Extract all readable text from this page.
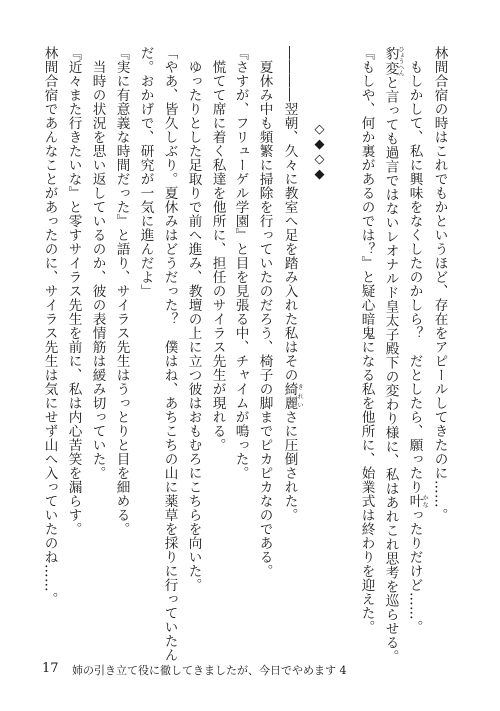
◇◆◇◆
17 姉の引き立て役に徹してきましたが、今日でやめます 4
林間合宿の時はこれでもかというほど、存在をアピールしてきたのに……。
もしかして、私に興味をなくしたのかしら？　だとしたら、願ったり叶かなったりだけど……。
豹変ひょうへんと言っても過言ではないレオナルド皇太子殿下の変わり様に、私はあれこれ思考を巡らせる。
『もしや、何か裏があるのでは？』と疑心暗鬼になる私を他所に、始業式は終わりを迎えた。
――――翌朝、久々に教室へ足を踏み入れた私はその綺麗きれいさに圧倒された。
夏休み中も頻繁に掃除を行っていたのだろう、椅子の脚までピカピカなのである。
『さすが、フリューゲル学園』と目を見張る中、チャイムが鳴った。
慌てて席に着く私達を他所に、担任のサイラス先生が現れる。
ゆったりとした足取りで前へ進み、教壇の上に立つ彼はおもむろにこちらを向いた。
「やあ、皆久しぶり。夏休みはどうだった？　僕はね、あちこちの山に薬草を採りに行っていたん
だ。おかげで、研究が一気に進んだよ」
『実に有意義な時間だった』と語り、サイラス先生はうっとりと目を細める。
当時の状況を思い返しているのか、彼の表情筋は緩み切っていた。
『近々また行きたいな』と零すサイラス先生を前に、私は内心苦笑を漏らす。
林間合宿であんなことがあったのに、サイラス先生は気にせず山へ入っていたのね……。
